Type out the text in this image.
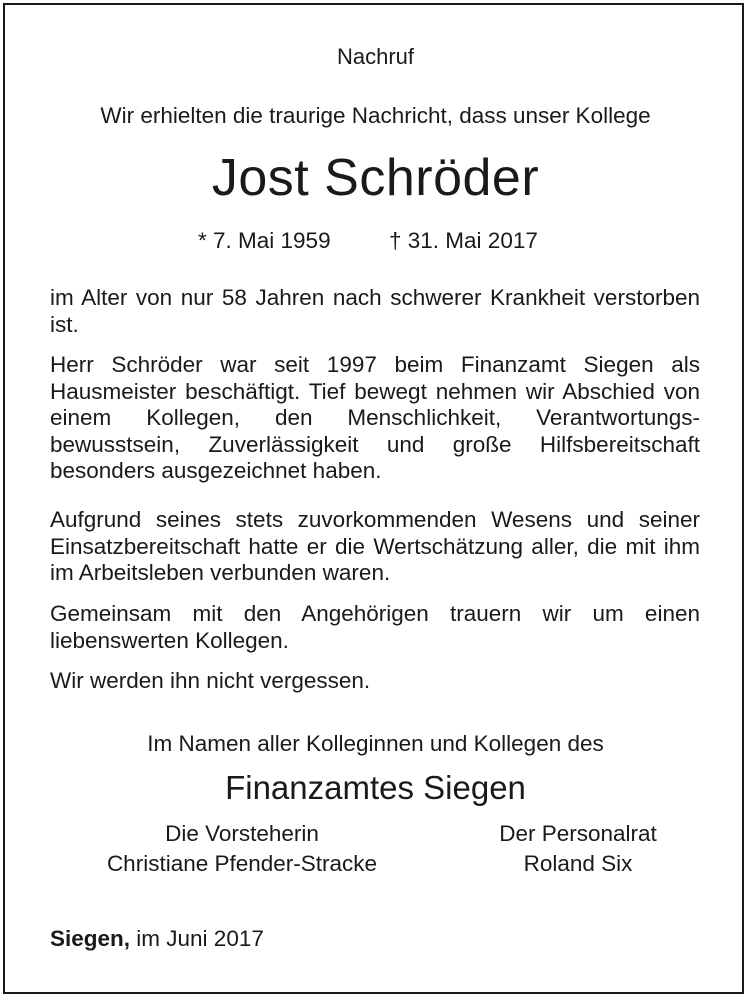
Nachruf
Wir erhielten die traurige Nachricht, dass unser Kollege
Jost Schröder
* 7. Mai 1959	† 31. Mai 2017
im Alter von nur 58 Jahren nach schwerer Krankheit verstorben ist.
Herr Schröder war seit 1997 beim Finanzamt Siegen als Hausmeister beschäftigt. Tief bewegt nehmen wir Abschied von einem Kollegen, den Menschlichkeit, Verantwortungsbewusstsein, Zuverlässigkeit und große Hilfsbereitschaft besonders ausgezeichnet haben.
Aufgrund seines stets zuvorkommenden Wesens und seiner Einsatzbereitschaft hatte er die Wertschätzung aller, die mit ihm im Arbeitsleben verbunden waren.
Gemeinsam mit den Angehörigen trauern wir um einen liebenswerten Kollegen.
Wir werden ihn nicht vergessen.
Im Namen aller Kolleginnen und Kollegen des
Finanzamtes Siegen
Die Vorsteherin
Christiane Pfender-Stracke
Der Personalrat
Roland Six
Siegen, im Juni 2017
